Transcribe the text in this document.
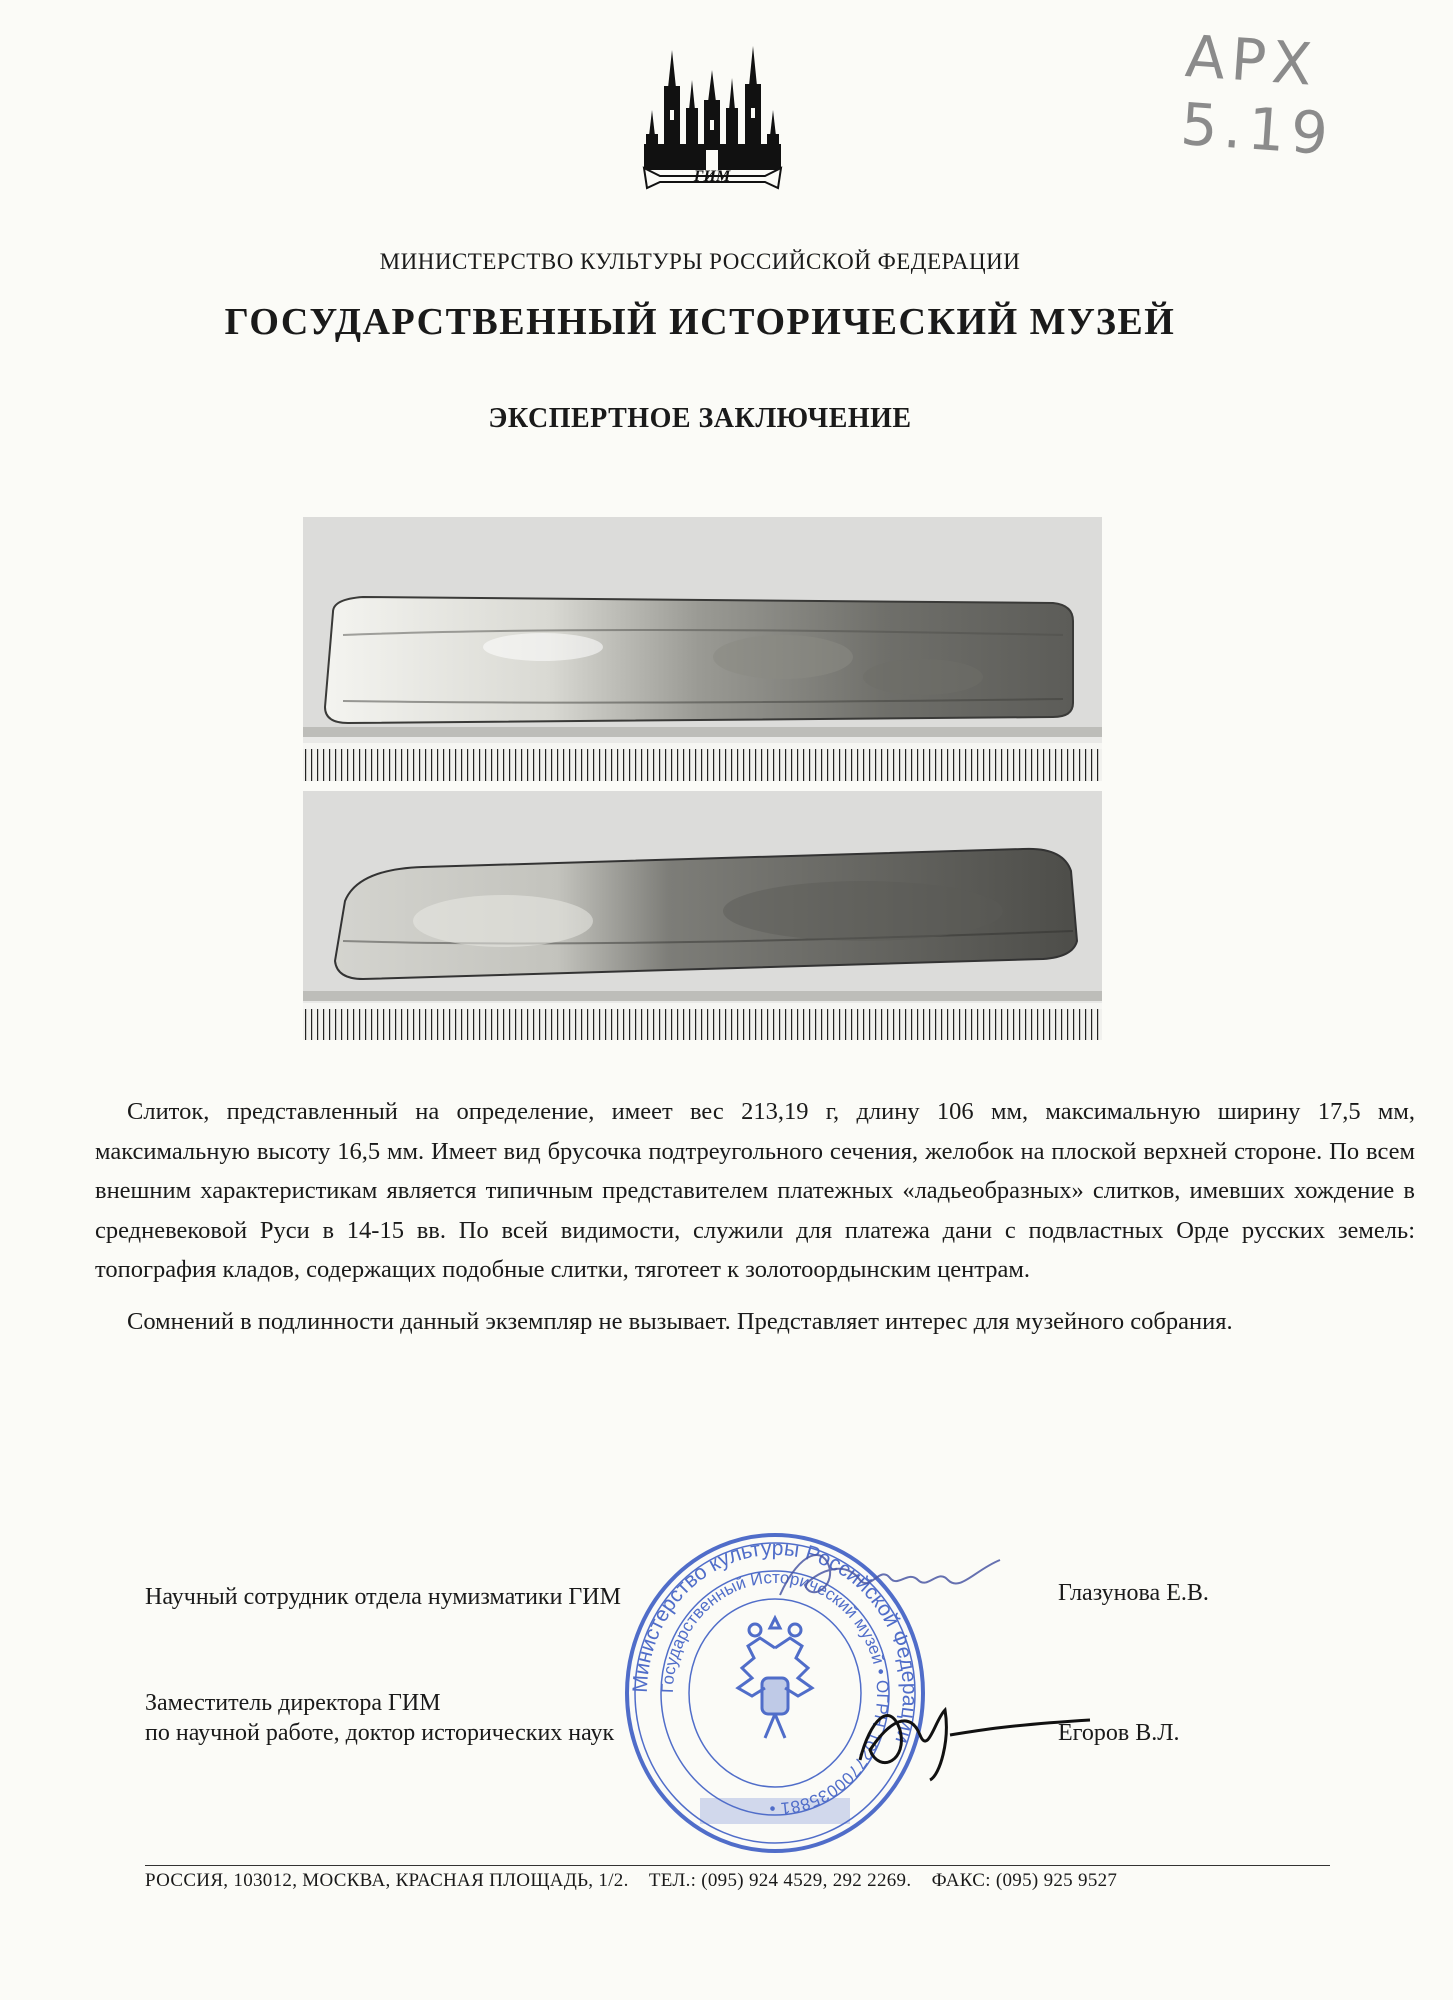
АРХ 5.19
ГИМ
МИНИСТЕРСТВО КУЛЬТУРЫ РОССИЙСКОЙ ФЕДЕРАЦИИ
ГОСУДАРСТВЕННЫЙ ИСТОРИЧЕСКИЙ МУЗЕЙ
ЭКСПЕРТНОЕ ЗАКЛЮЧЕНИЕ

Слиток, представленный на определение, имеет вес 213,19 г, длину 106 мм, максимальную ширину 17,5 мм, максимальную высоту 16,5 мм. Имеет вид брусочка подтреугольного сечения, желобок на плоской верхней стороне. По всем внешним характеристикам является типичным представителем платежных «ладьеобразных» слитков, имевших хождение в средневековой Руси в 14-15 вв. По всей видимости, служили для платежа дани с подвластных Орде русских земель: топография кладов, содержащих подобные слитки, тяготеет к золотоордынским центрам.

Сомнений в подлинности данный экземпляр не вызывает. Представляет интерес для музейного собрания.

Научный сотрудник отдела нумизматики ГИМ	Глазунова Е.В.
Заместитель директора ГИМ
по научной работе, доктор исторических наук	Егоров В.Л.
Министерство культуры Российской Федерации
Государственный Исторический музей • ОГРН 1027700035881 •
РОССИЯ, 103012, МОСКВА, КРАСНАЯ ПЛОЩАДЬ, 1/2. ТЕЛ.: (095) 924 4529, 292 2269. ФАКС: (095) 925 9527
